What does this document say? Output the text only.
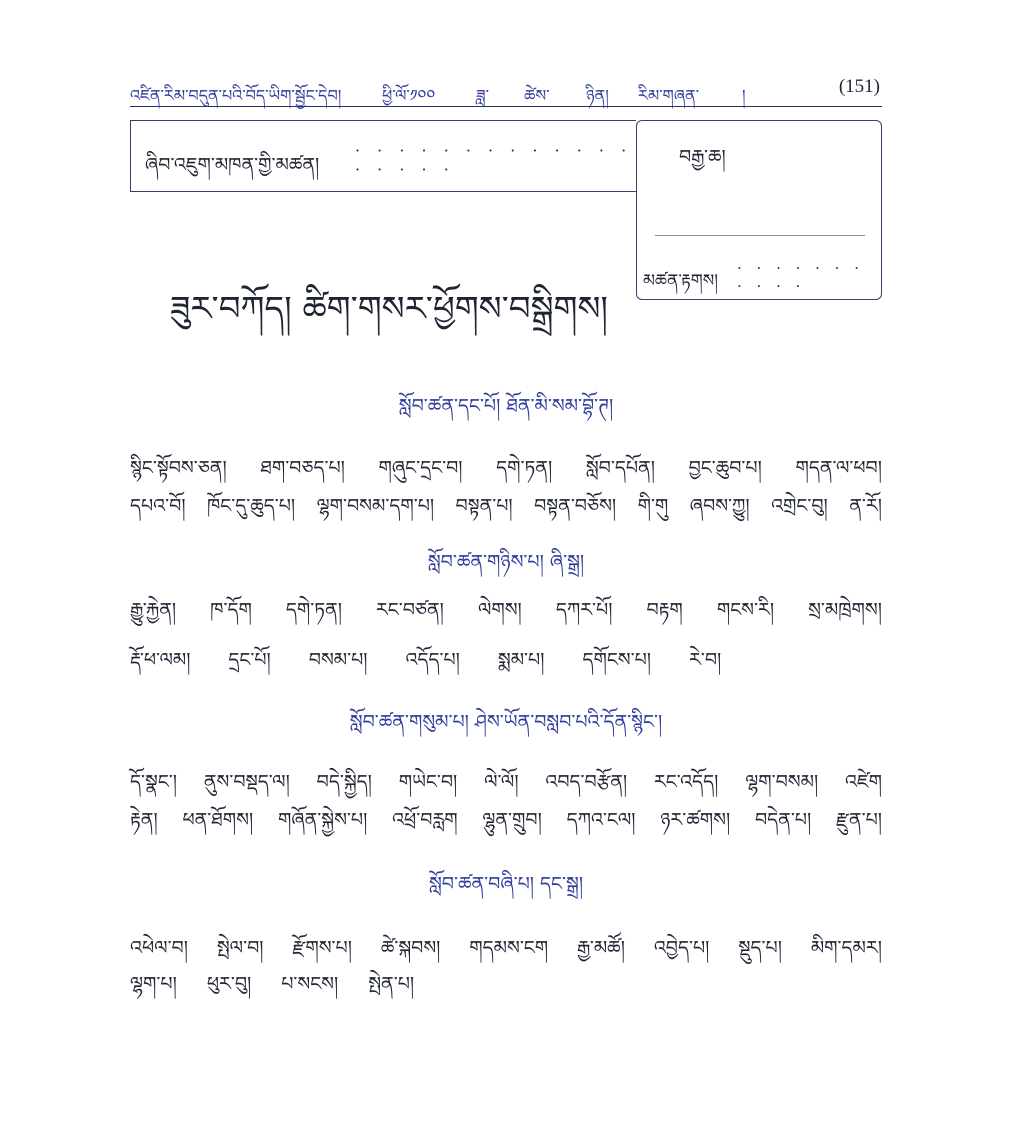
འཛིན་རིམ་བདུན་པའི་བོད་ཡིག་སྦྱོང་དེབ།	ཕྱི་ལོ་༡༠༠	ཟླ་ ཚེས་ ཉིན། རིམ་གཞན་	།	(151)
ཞིབ་འཇུག་མཁན་གྱི་མཚན།
· · · · · · · · · · · · · · · · · ·
བརྒྱ་ཆ།
མཚན་རྟགས།
· · · · · · · · · · ·
ཟུར་བཀོད། ཚིག་གསར་ཕྱོགས་བསྒྲིགས།
སློབ་ཚན་དང་པོ། ཐོན་མི་སམ་བྷོ་ཊ།
སྙིང་སྟོབས་ཅན། ཐག་བཅད་པ། གཞུང་དྲང་བ། དགེ་ཏན། སློབ་དཔོན། བྱང་ཆུབ་པ། གདན་ལ་ཕབ།
དཔའ་བོ། ཁོང་དུ་ཆུད་པ། ལྷག་བསམ་དག་པ། བསྟན་པ། བསྟན་བཅོས། གི་གུ ཞབས་ཀྱུ། འགྲེང་བུ། ན་རོ།
སློབ་ཚན་གཉིས་པ། ཞི་སྒྲ།
རྒྱུ་རྐྱེན། ཁ་དོག དགེ་ཏན། རང་བཙན། ལེགས། དཀར་པོ། བརྟག གངས་རི། སྲ་མཁྲེགས།
རྡོ་ཕ་ལམ། དྲང་པོ། བསམ་པ། འདོད་པ། སྨམ་པ། དགོངས་པ། རེ་བ།
སློབ་ཚན་གསུམ་པ། ཤེས་ཡོན་བསླབ་པའི་དོན་སྙིང་།
དོ་སྣང་། ནུས་བསྡད་ལ། བདེ་སྐྱིད། གཡེང་བ། ལེ་ལོ། འབད་བརྩོན། རང་འདོད། ལྷག་བསམ། འཛེག
རྟེན། ཕན་ཐོགས། གཞོན་སྐྱེས་པ། འཕྲོ་བརླག ལྷུན་གྲུབ། དཀའ་ངལ། ཉར་ཚགས། བདེན་པ། རྫུན་པ།
སློབ་ཚན་བཞི་པ། དང་སྒྲ།
འཕེལ་བ། སྤེལ་བ། རྫོགས་པ། ཚེ་སྐབས། གདམས་ངག རྒྱ་མཚོ། འབྱེད་པ། སྡུད་པ། མིག་དམར།
ལྷག་པ། ཕུར་བུ། པ་སངས། སྤེན་པ།
